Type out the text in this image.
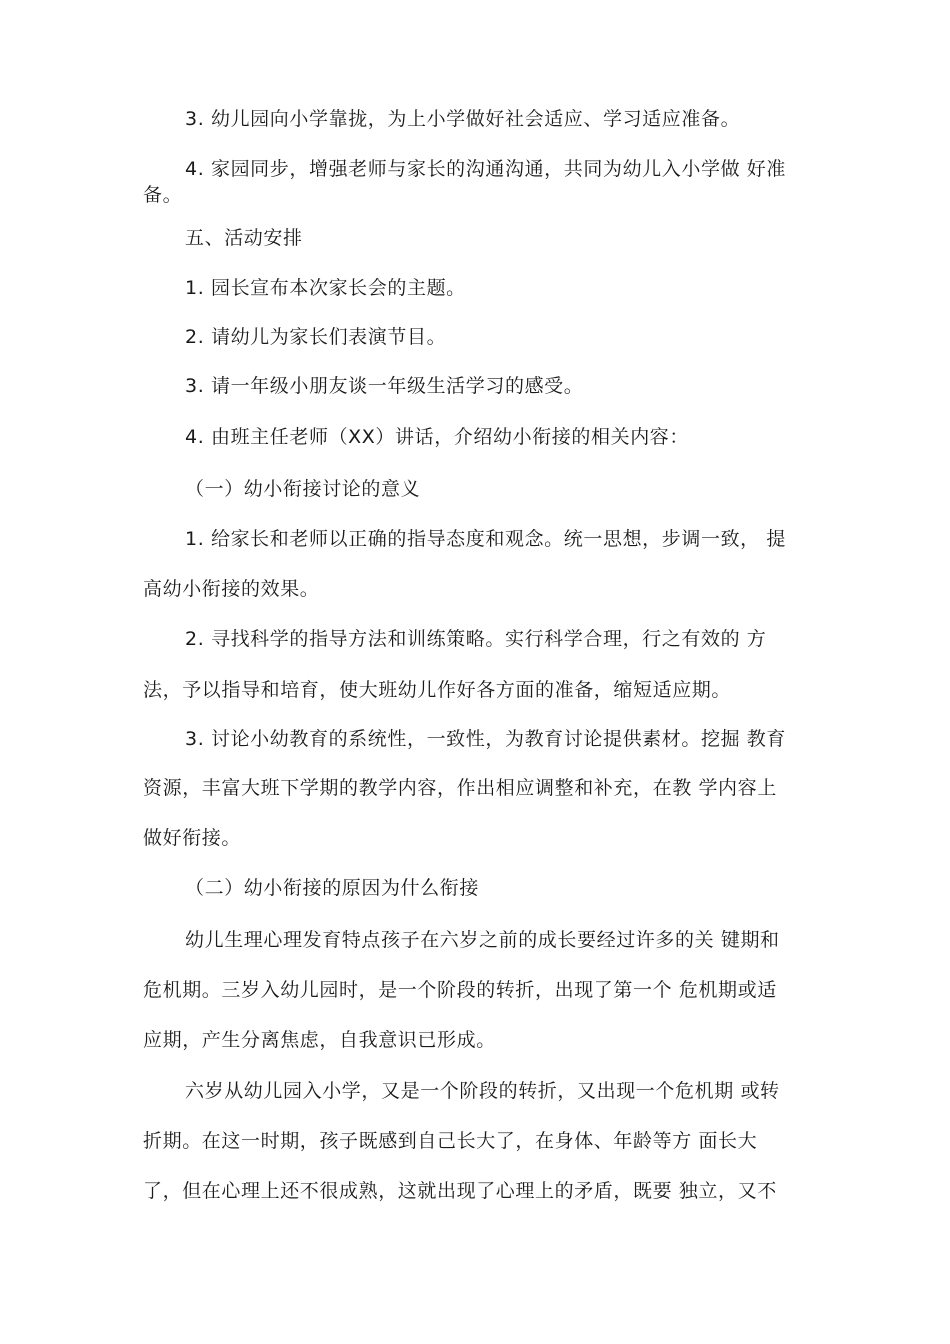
3. 幼儿园向小学靠拢，为上小学做好社会适应、学习适应准备。
4. 家园同步，增强老师与家长的沟通沟通，共同为幼儿入小学做 好准
备。
五、活动安排
1. 园长宣布本次家长会的主题。
2. 请幼儿为家长们表演节目。
3. 请一年级小朋友谈一年级生活学习的感受。
4. 由班主任老师（XX）讲话，介绍幼小衔接的相关内容：
（一）幼小衔接讨论的意义
1. 给家长和老师以正确的指导态度和观念。统一思想，步调一致， 提
高幼小衔接的效果。
2. 寻找科学的指导方法和训练策略。实行科学合理，行之有效的 方
法，予以指导和培育，使大班幼儿作好各方面的准备，缩短适应期。
3. 讨论小幼教育的系统性，一致性，为教育讨论提供素材。挖掘 教育
资源，丰富大班下学期的教学内容，作出相应调整和补充，在教 学内容上
做好衔接。
（二）幼小衔接的原因为什么衔接
幼儿生理心理发育特点孩子在六岁之前的成长要经过许多的关 键期和
危机期。三岁入幼儿园时，是一个阶段的转折，出现了第一个 危机期或适
应期，产生分离焦虑，自我意识已形成。
六岁从幼儿园入小学，又是一个阶段的转折，又出现一个危机期 或转
折期。在这一时期，孩子既感到自己长大了，在身体、年龄等方 面长大
了，但在心理上还不很成熟，这就出现了心理上的矛盾，既要 独立，又不
